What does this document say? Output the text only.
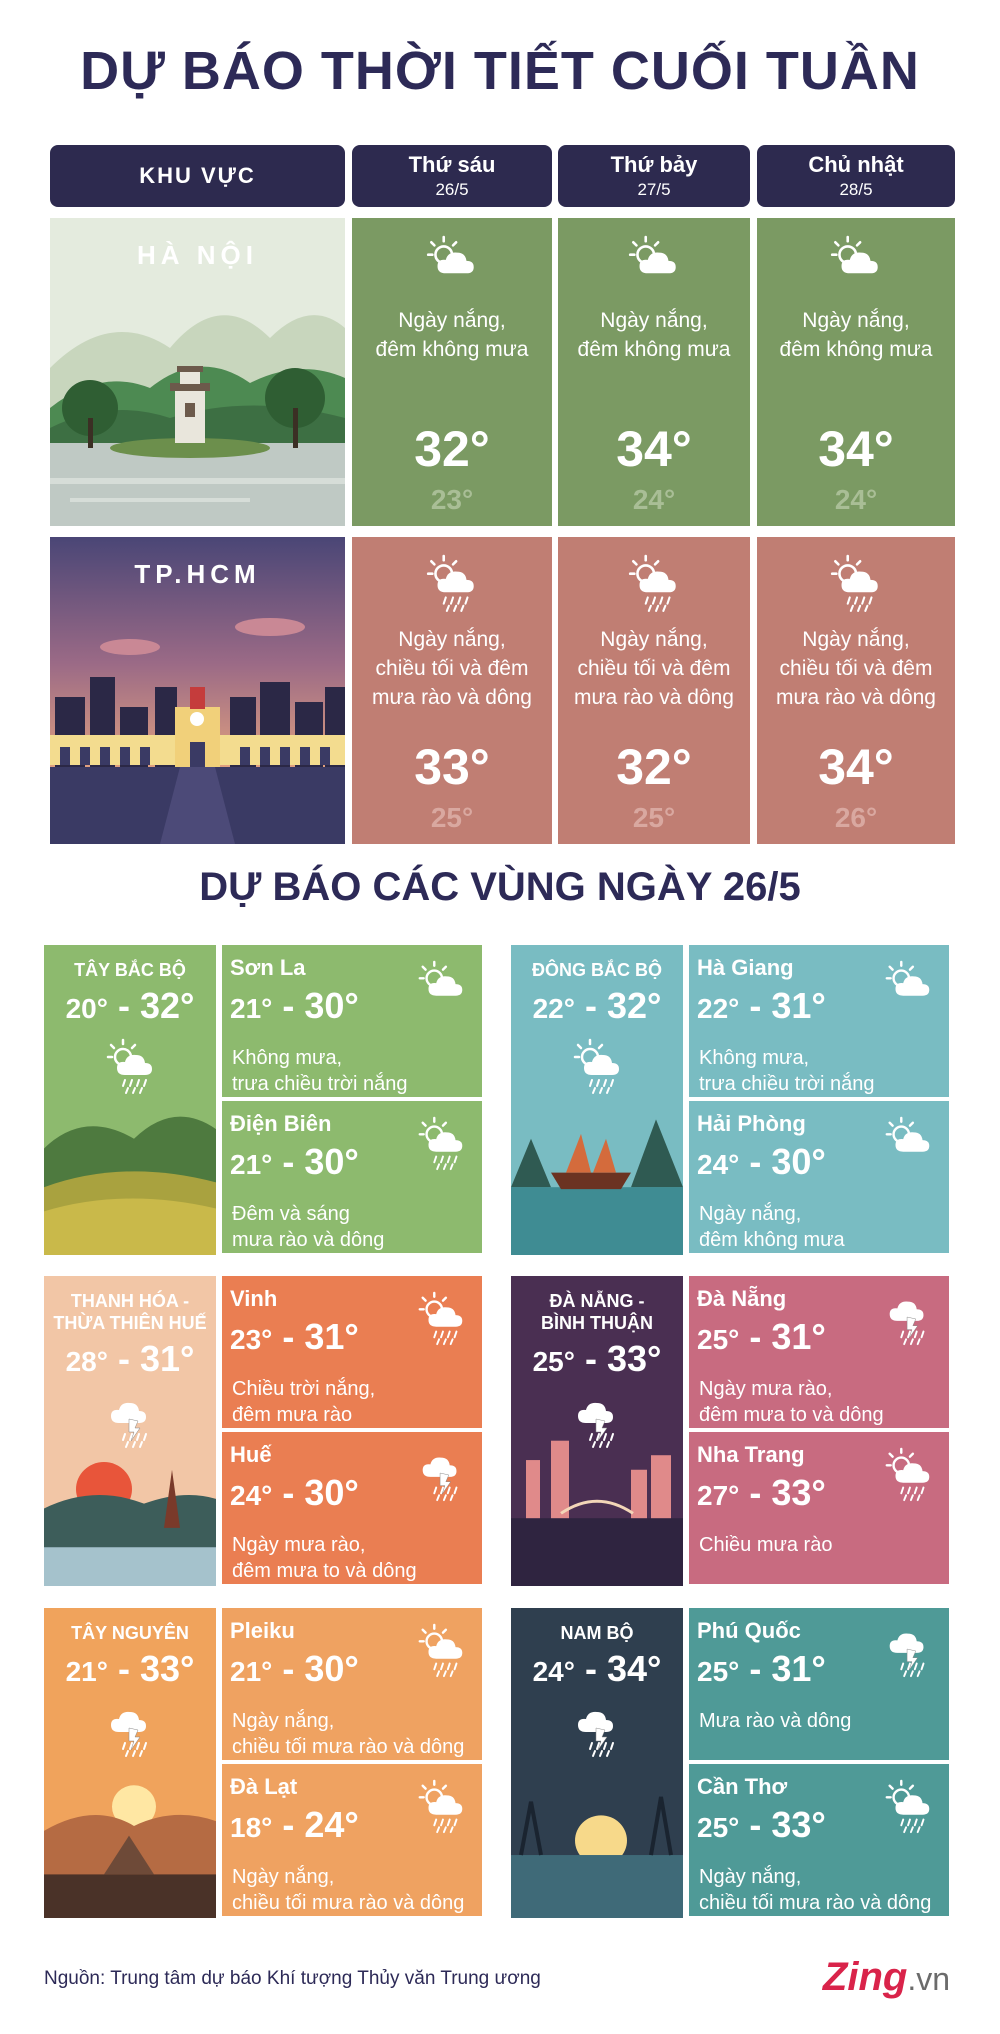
DỰ BÁO THỜI TIẾT CUỐI TUẦN
KHU VỰC	Thứ sáu
26/5
Thứ bảy
27/5
Chủ nhật
28/5
HÀ NỘI
Ngày nắng,
đêm không mưa
32°
23°
Ngày nắng,
đêm không mưa
34°
24°
Ngày nắng,
đêm không mưa
34°
24°
TP.HCM
Ngày nắng,
chiều tối và đêm
mưa rào và dông
33°
25°
Ngày nắng,
chiều tối và đêm
mưa rào và dông
32°
25°
Ngày nắng,
chiều tối và đêm
mưa rào và dông
34°
26°
DỰ BÁO CÁC VÙNG NGÀY 26/5
TÂY BẮC BỘ
20° - 32°
Sơn La
21° - 30°
Không mưa,
trưa chiều trời nắng
Điện Biên
21° - 30°
Đêm và sáng
mưa rào và dông
ĐÔNG BẮC BỘ
22° - 32°
Hà Giang
22° - 31°
Không mưa,
trưa chiều trời nắng
Hải Phòng
24° - 30°
Ngày nắng,
đêm không mưa
THANH HÓA -
THỪA THIÊN HUẾ
28° - 31°
Vinh
23° - 31°
Chiều trời nắng,
đêm mưa rào
Huế
24° - 30°
Ngày mưa rào,
đêm mưa to và dông
ĐÀ NẴNG -
BÌNH THUẬN
25° - 33°
Đà Nẵng
25° - 31°
Ngày mưa rào,
đêm mưa to và dông
Nha Trang
27° - 33°
Chiều mưa rào
TÂY NGUYÊN
21° - 33°
Pleiku
21° - 30°
Ngày nắng,
chiều tối mưa rào và dông
Đà Lạt
18° - 24°
Ngày nắng,
chiều tối mưa rào và dông
NAM BỘ
24° - 34°
Phú Quốc
25° - 31°
Mưa rào và dông
Cần Thơ
25° - 33°
Ngày nắng,
chiều tối mưa rào và dông
Nguồn: Trung tâm dự báo Khí tượng Thủy văn Trung ương	Zing.vn
